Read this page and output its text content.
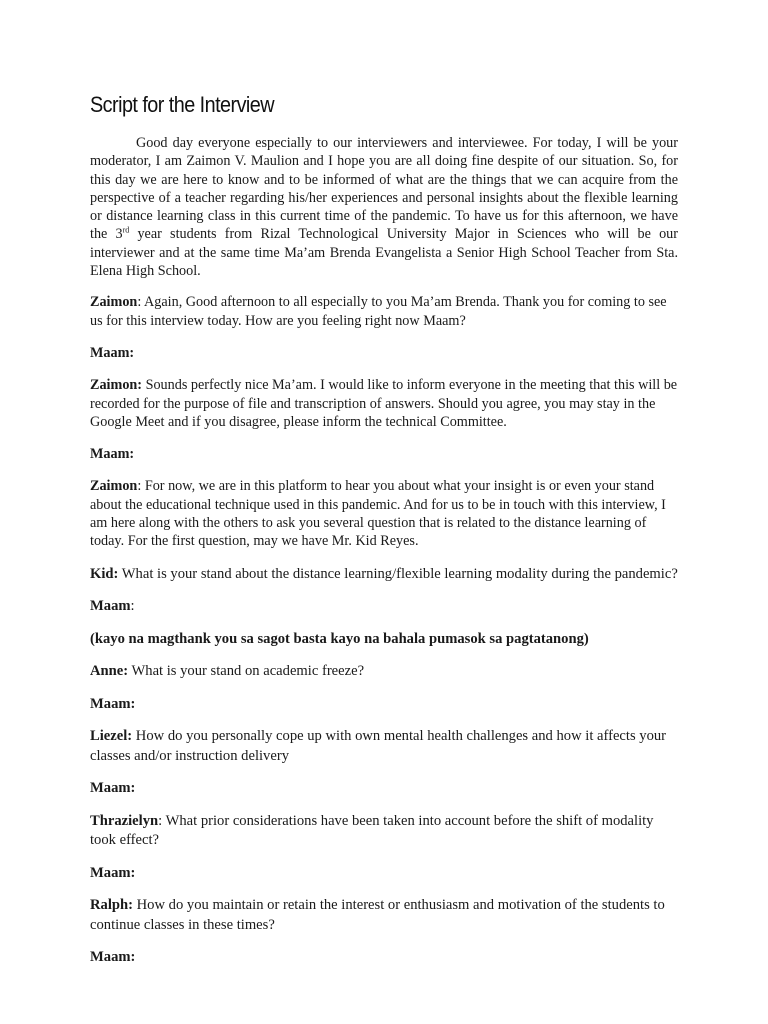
Script for the Interview

Good day everyone especially to our interviewers and interviewee. For today, I will be your moderator, I am Zaimon V. Maulion and I hope you are all doing fine despite of our situation. So, for this day we are here to know and to be informed of what are the things that we can acquire from the perspective of a teacher regarding his/her experiences and personal insights about the flexible learning or distance learning class in this current time of the pandemic. To have us for this afternoon, we have the 3rd year students from Rizal Technological University Major in Sciences who will be our interviewer and at the same time Ma’am Brenda Evangelista a Senior High School Teacher from Sta. Elena High School.

Zaimon: Again, Good afternoon to all especially to you Ma’am Brenda. Thank you for coming to see us for this interview today. How are you feeling right now Maam?

Maam:

Zaimon: Sounds perfectly nice Ma’am. I would like to inform everyone in the meeting that this will be recorded for the purpose of file and transcription of answers. Should you agree, you may stay in the Google Meet and if you disagree, please inform the technical Committee.

Maam:

Zaimon: For now, we are in this platform to hear you about what your insight is or even your stand about the educational technique used in this pandemic. And for us to be in touch with this interview, I am here along with the others to ask you several question that is related to the distance learning of today. For the first question, may we have Mr. Kid Reyes.

Kid: What is your stand about the distance learning/flexible learning modality during the pandemic?

Maam:

(kayo na magthank you sa sagot basta kayo na bahala pumasok sa pagtatanong)

Anne: What is your stand on academic freeze?

Maam:

Liezel: How do you personally cope up with own mental health challenges and how it affects your classes and/or instruction delivery

Maam:

Thrazielyn: What prior considerations have been taken into account before the shift of modality took effect?

Maam:

Ralph: How do you maintain or retain the interest or enthusiasm and motivation of the students to continue classes in these times?

Maam:
